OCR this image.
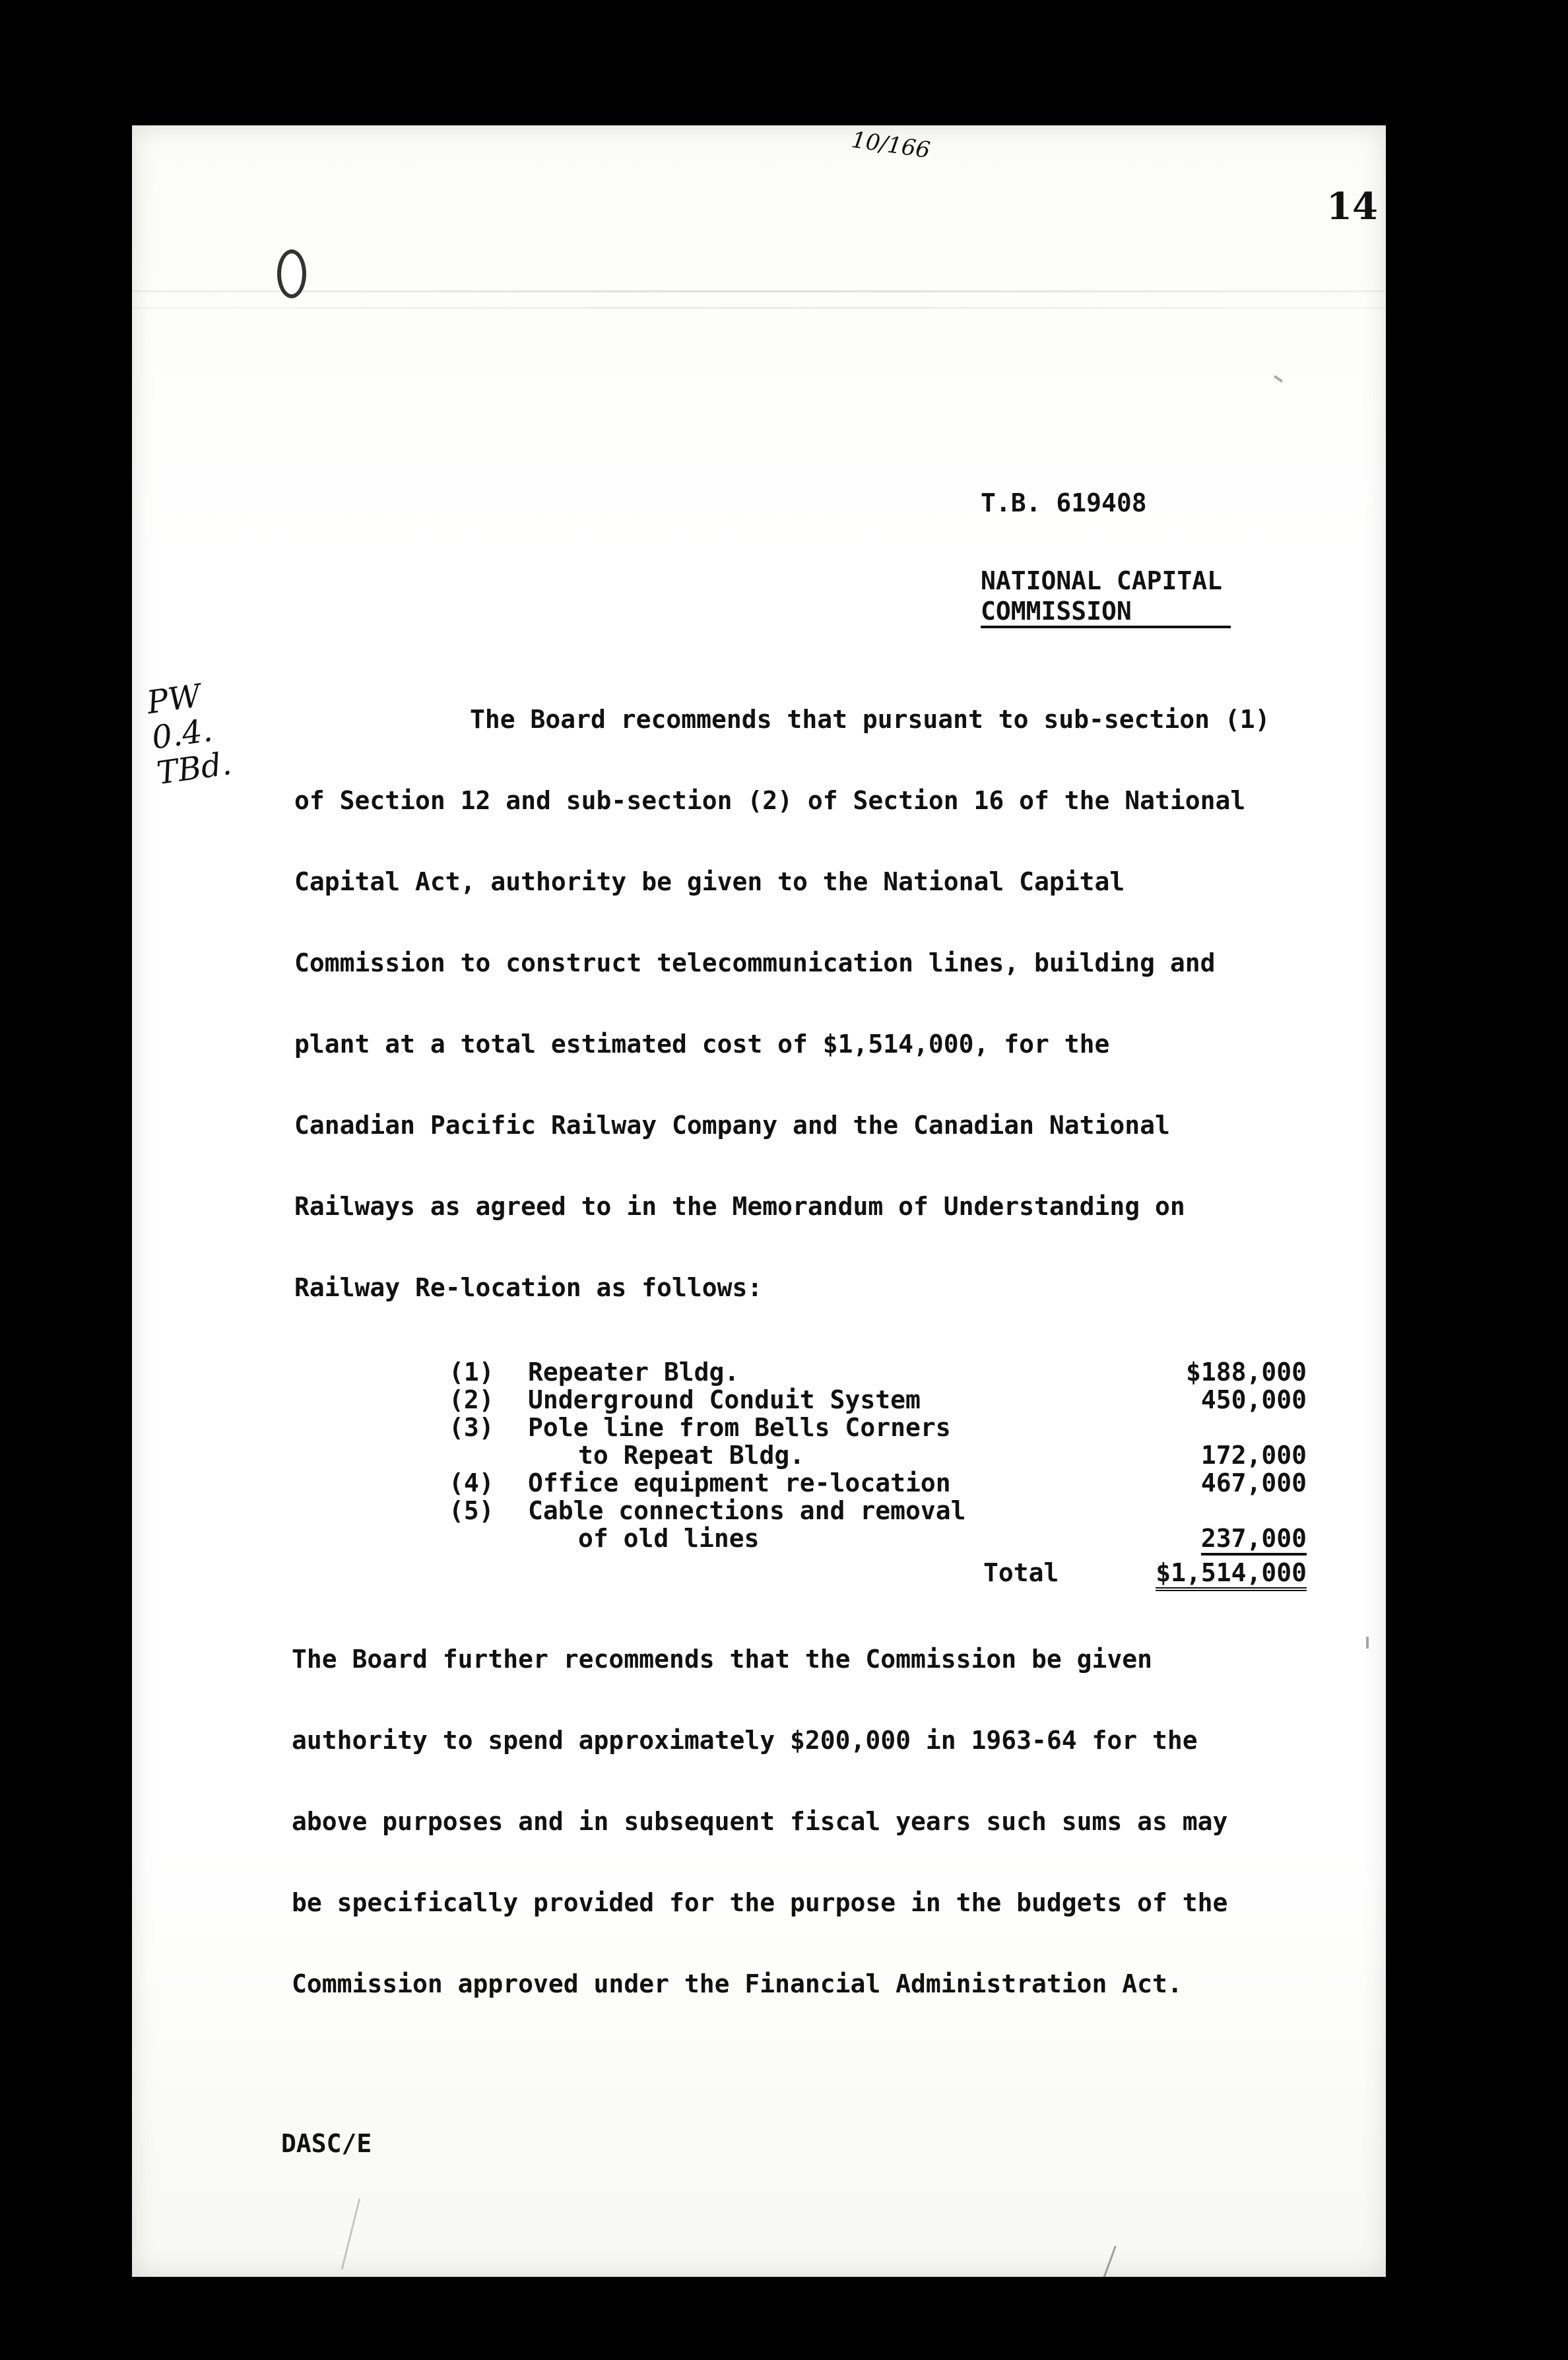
10/166
14
T.B. 619408
NATIONAL CAPITAL
COMMISSION
PW
0.4.
TBd.
The Board recommends that pursuant to sub-section (1)
of Section 12 and sub-section (2) of Section 16 of the National
Capital Act, authority be given to the National Capital
Commission to construct telecommunication lines, building and
plant at a total estimated cost of $1,514,000, for the
Canadian Pacific Railway Company and the Canadian National
Railways as agreed to in the Memorandum of Understanding on
Railway Re-location as follows:
(1) Repeater Bldg.	$188,000
(2) Underground Conduit System	450,000
(3) Pole line from Bells Corners
to Repeat Bldg.	172,000
(4) Office equipment re-location	467,000
(5) Cable connections and removal
of old lines	237,000
Total	$1,514,000
The Board further recommends that the Commission be given
authority to spend approximately $200,000 in 1963-64 for the
above purposes and in subsequent fiscal years such sums as may
be specifically provided for the purpose in the budgets of the
Commission approved under the Financial Administration Act.
DASC/E
